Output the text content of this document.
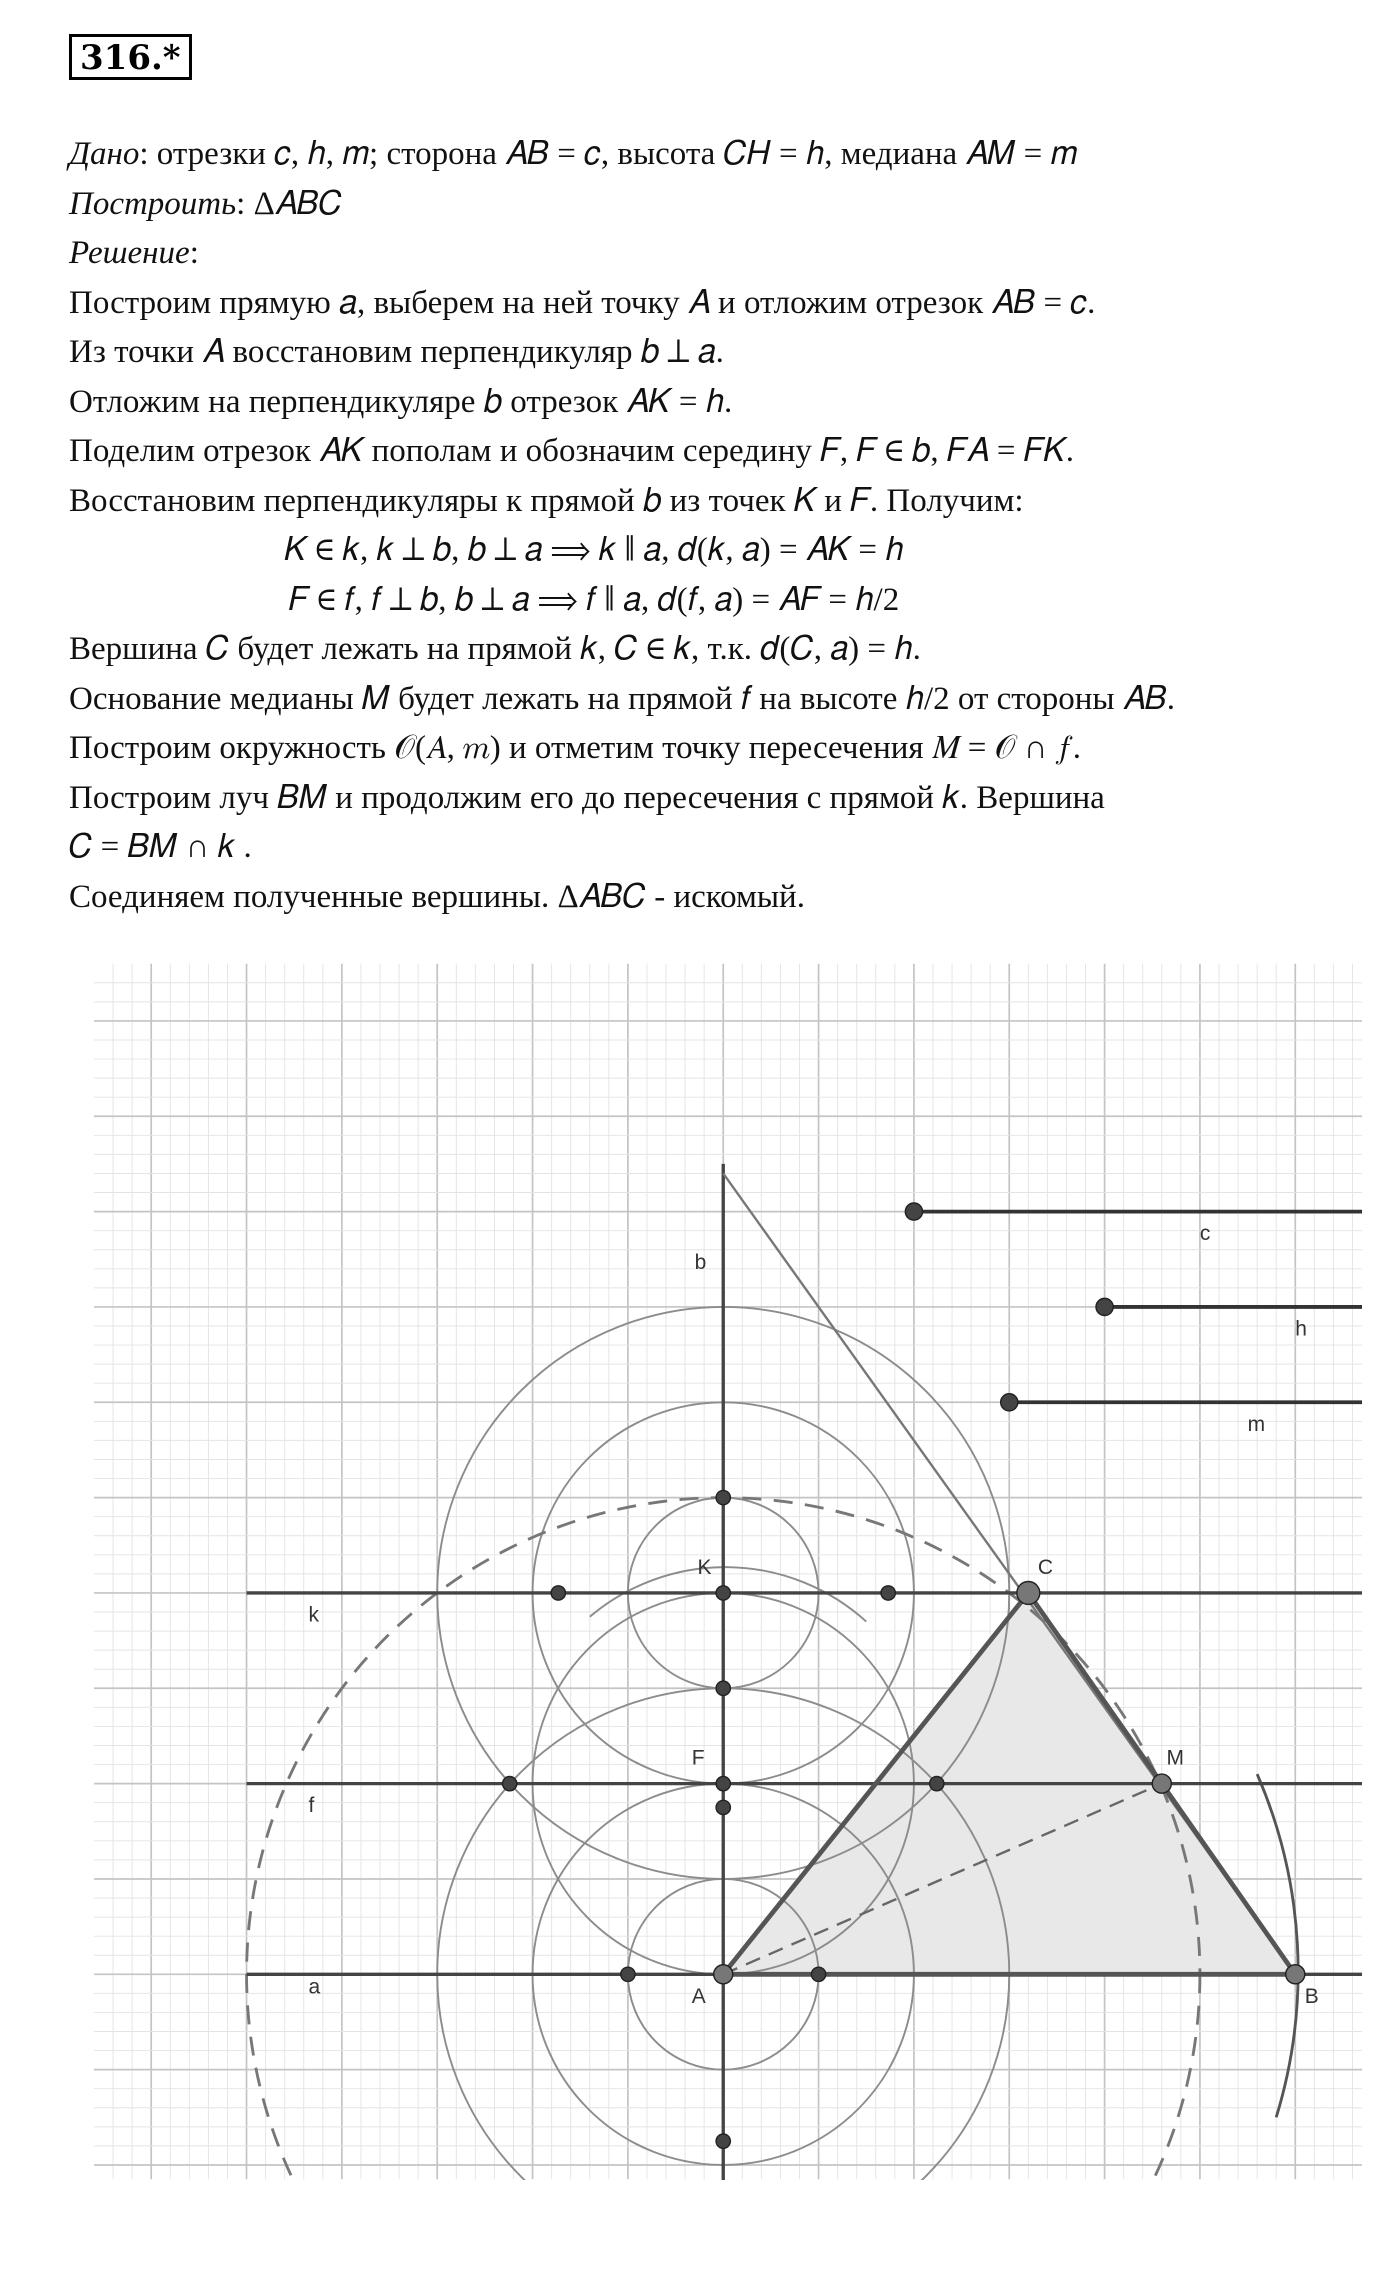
316.*
Дано: отрезки 𝑐, ℎ, 𝑚; сторона 𝐴𝐵 = 𝑐, высота 𝐶𝐻 = ℎ, медиана 𝐴𝑀 = 𝑚
Построить: Δ𝐴𝐵𝐶
Решение:
Построим прямую 𝑎, выберем на ней точку 𝐴 и отложим отрезок 𝐴𝐵 = 𝑐.
Из точки 𝐴 восстановим перпендикуляр 𝑏 ⊥ 𝑎.
Отложим на перпендикуляре 𝑏 отрезок 𝐴𝐾 = ℎ.
Поделим отрезок 𝐴𝐾 пополам и обозначим середину 𝐹, 𝐹 ∈ 𝑏, 𝐹𝐴 = 𝐹𝐾.
Восстановим перпендикуляры к прямой 𝑏 из точек 𝐾 и 𝐹. Получим:
𝐾 ∈ 𝑘, 𝑘 ⊥ 𝑏, 𝑏 ⊥ 𝑎 ⟹ 𝑘 ∥ 𝑎, 𝑑(𝑘, 𝑎) = 𝐴𝐾 = ℎ
𝐹 ∈ 𝑓, 𝑓 ⊥ 𝑏, 𝑏 ⊥ 𝑎 ⟹ 𝑓 ∥ 𝑎, 𝑑(𝑓, 𝑎) = 𝐴𝐹 = ℎ/2
Вершина 𝐶 будет лежать на прямой 𝑘, 𝐶 ∈ 𝑘, т.к. 𝑑(𝐶, 𝑎) = ℎ.
Основание медианы 𝑀 будет лежать на прямой 𝑓 на высоте ℎ/2 от стороны 𝐴𝐵.
Построим окружность 𝒪(𝐴, 𝑚) и отметим точку пересечения 𝑀 = 𝒪 ∩ 𝑓.
Построим луч 𝐵𝑀 и продолжим его до пересечения с прямой 𝑘. Вершина
𝐶 = 𝐵𝑀 ∩ 𝑘 .
Соединяем полученные вершины. Δ𝐴𝐵𝐶 - искомый.
